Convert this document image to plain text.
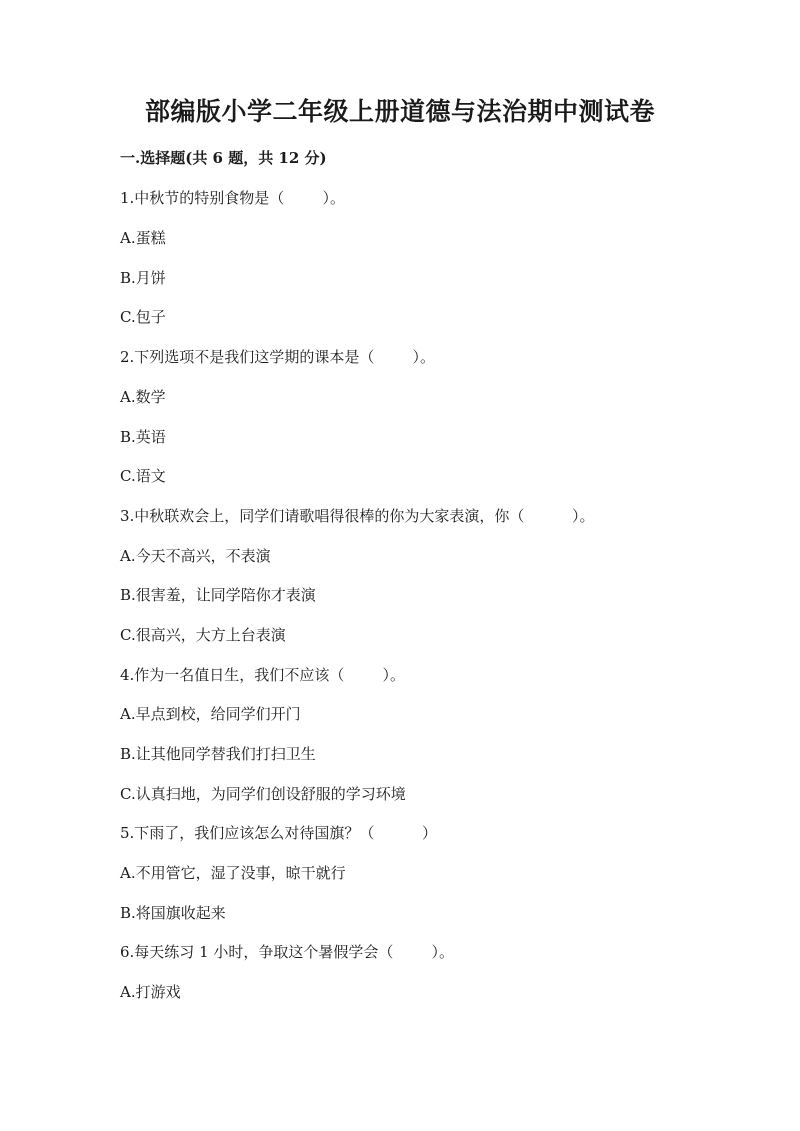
部编版小学二年级上册道德与法治期中测试卷
一.选择题(共 6 题，共 12 分)
1.中秋节的特别食物是（        ）。
A.蛋糕
B.月饼
C.包子
2.下列选项不是我们这学期的课本是（        ）。
A.数学
B.英语
C.语文
3.中秋联欢会上，同学们请歌唱得很棒的你为大家表演，你（          ）。
A.今天不高兴，不表演
B.很害羞，让同学陪你才表演
C.很高兴，大方上台表演
4.作为一名值日生，我们不应该（        ）。
A.早点到校，给同学们开门
B.让其他同学替我们打扫卫生
C.认真扫地，为同学们创设舒服的学习环境
5.下雨了，我们应该怎么对待国旗？（          ）
A.不用管它，湿了没事，晾干就行
B.将国旗收起来
6.每天练习 1 小时，争取这个暑假学会（        ）。
A.打游戏
